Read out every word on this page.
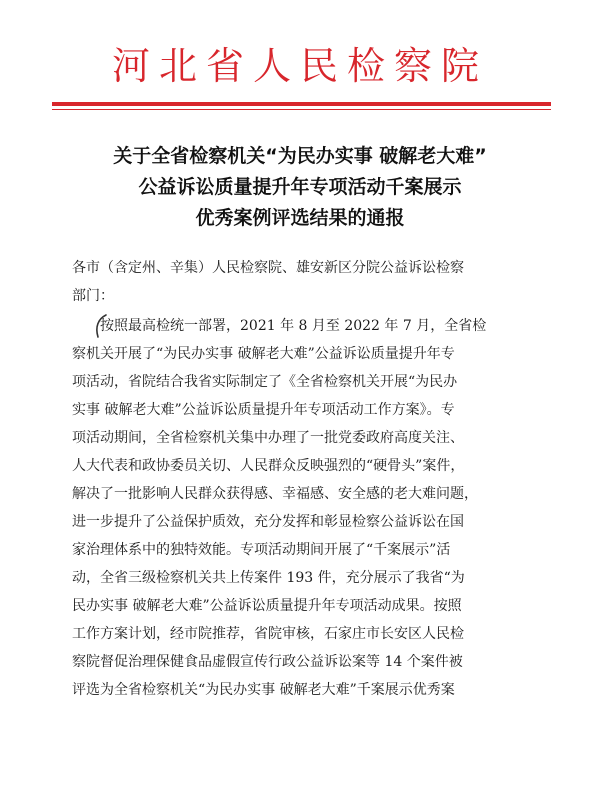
河北省人民检察院
关于全省检察机关“为民办实事 破解老大难”
公益诉讼质量提升年专项活动千案展示
优秀案例评选结果的通报
各市（含定州、辛集）人民检察院、雄安新区分院公益诉讼检察
部门：
按照最高检统一部署，2021 年 8 月至 2022 年 7 月，全省检
察机关开展了“为民办实事 破解老大难”公益诉讼质量提升年专
项活动，省院结合我省实际制定了《全省检察机关开展“为民办
实事 破解老大难”公益诉讼质量提升年专项活动工作方案》。专
项活动期间，全省检察机关集中办理了一批党委政府高度关注、
人大代表和政协委员关切、人民群众反映强烈的“硬骨头”案件，
解决了一批影响人民群众获得感、幸福感、安全感的老大难问题，
进一步提升了公益保护质效，充分发挥和彰显检察公益诉讼在国
家治理体系中的独特效能。专项活动期间开展了“千案展示”活
动，全省三级检察机关共上传案件 193 件，充分展示了我省“为
民办实事 破解老大难”公益诉讼质量提升年专项活动成果。按照
工作方案计划，经市院推荐，省院审核，石家庄市长安区人民检
察院督促治理保健食品虚假宣传行政公益诉讼案等 14 个案件被
评选为全省检察机关“为民办实事 破解老大难”千案展示优秀案
